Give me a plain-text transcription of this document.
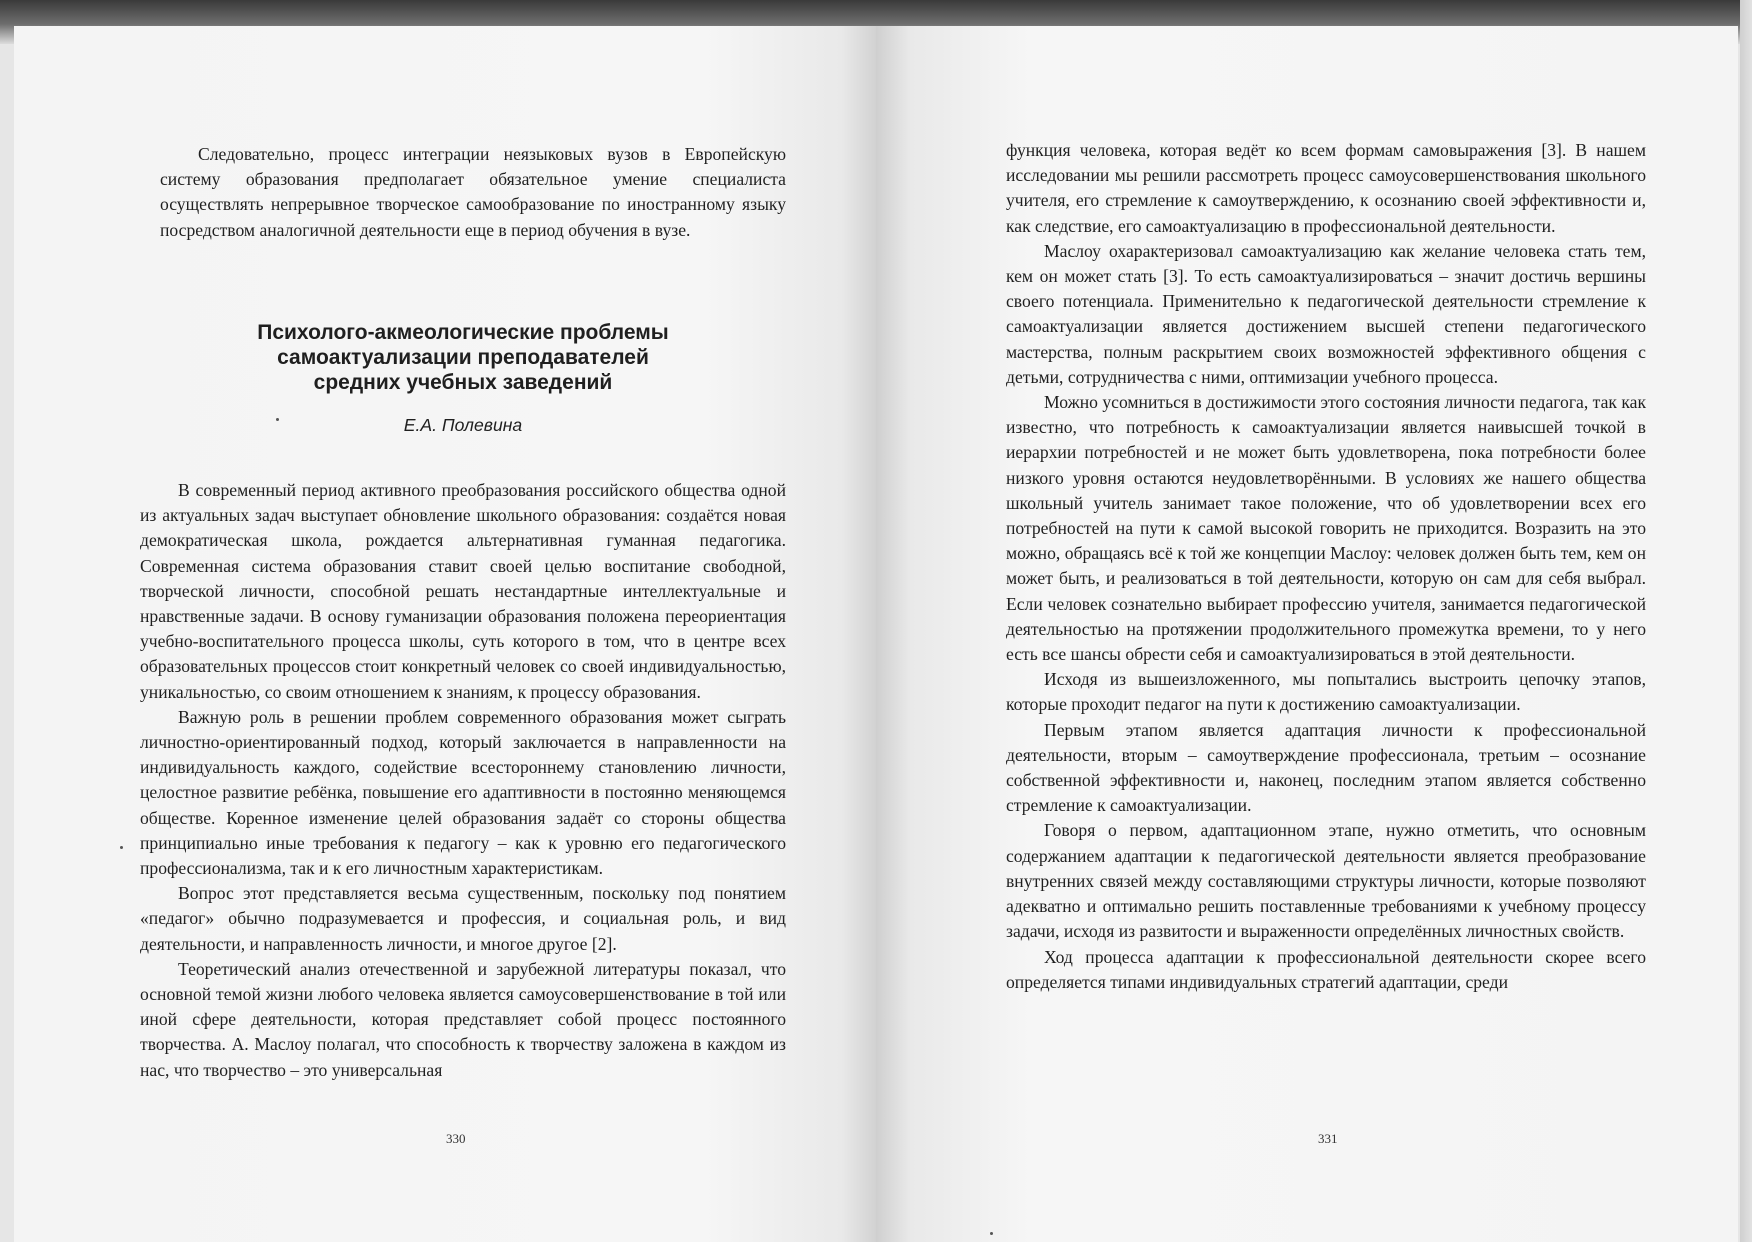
Следовательно, процесс интеграции неязыковых вузов в Европейскую систему образования предполагает обязательное умение специалиста осуществлять непрерывное творческое самообразование по иностранному языку посредством аналогичной деятельности еще в период обучения в вузе.

Психолого-акмеологические проблемы
самоактуализации преподавателей
средних учебных заведений
Е.А. Полевина

В современный период активного преобразования российского общества одной из актуальных задач выступает обновление школьного образования: создаётся новая демократическая школа, рождается альтернативная гуманная педагогика. Современная система образования ставит своей целью воспитание свободной, творческой личности, способной решать нестандартные интеллектуальные и нравственные задачи. В основу гуманизации образования положена переориентация учебно-воспитательного процесса школы, суть которого в том, что в центре всех образовательных процессов стоит конкретный человек со своей индивидуальностью, уникальностью, со своим отношением к знаниям, к процессу образования.

Важную роль в решении проблем современного образования может сыграть личностно-ориентированный подход, который заключается в направленности на индивидуальность каждого, содействие всестороннему становлению личности, целостное развитие ребёнка, повышение его адаптивности в постоянно меняющемся обществе. Коренное изменение целей образования задаёт со стороны общества принципиально иные требования к педагогу – как к уровню его педагогического профессионализма, так и к его личностным характеристикам.

Вопрос этот представляется весьма существенным, поскольку под понятием «педагог» обычно подразумевается и профессия, и социальная роль, и вид деятельности, и направленность личности, и многое другое [2].

Теоретический анализ отечественной и зарубежной литературы показал, что основной темой жизни любого человека является самоусовершенствование в той или иной сфере деятельности, которая представляет собой процесс постоянного творчества. А. Маслоу полагал, что способность к творчеству заложена в каждом из нас, что творчество – это универсальная

330

функция человека, которая ведёт ко всем формам самовыражения [3]. В нашем исследовании мы решили рассмотреть процесс самоусовершенствования школьного учителя, его стремление к самоутверждению, к осознанию своей эффективности и, как следствие, его самоактуализацию в профессиональной деятельности.

Маслоу охарактеризовал самоактуализацию как желание человека стать тем, кем он может стать [3]. То есть самоактуализироваться – значит достичь вершины своего потенциала. Применительно к педагогической деятельности стремление к самоактуализации является достижением высшей степени педагогического мастерства, полным раскрытием своих возможностей эффективного общения с детьми, сотрудничества с ними, оптимизации учебного процесса.

Можно усомниться в достижимости этого состояния личности педагога, так как известно, что потребность к самоактуализации является наивысшей точкой в иерархии потребностей и не может быть удовлетворена, пока потребности более низкого уровня остаются неудовлетворёнными. В условиях же нашего общества школьный учитель занимает такое положение, что об удовлетворении всех его потребностей на пути к самой высокой говорить не приходится. Возразить на это можно, обращаясь всё к той же концепции Маслоу: человек должен быть тем, кем он может быть, и реализоваться в той деятельности, которую он сам для себя выбрал. Если человек сознательно выбирает профессию учителя, занимается педагогической деятельностью на протяжении продолжительного промежутка времени, то у него есть все шансы обрести себя и самоактуализироваться в этой деятельности.

Исходя из вышеизложенного, мы попытались выстроить цепочку этапов, которые проходит педагог на пути к достижению самоактуализации.

Первым этапом является адаптация личности к профессиональной деятельности, вторым – самоутверждение профессионала, третьим – осознание собственной эффективности и, наконец, последним этапом является собственно стремление к самоактуализации.

Говоря о первом, адаптационном этапе, нужно отметить, что основным содержанием адаптации к педагогической деятельности является преобразование внутренних связей между составляющими структуры личности, которые позволяют адекватно и оптимально решить поставленные требованиями к учебному процессу задачи, исходя из развитости и выраженности определённых личностных свойств.

Ход процесса адаптации к профессиональной деятельности скорее всего определяется типами индивидуальных стратегий адаптации, среди

331
